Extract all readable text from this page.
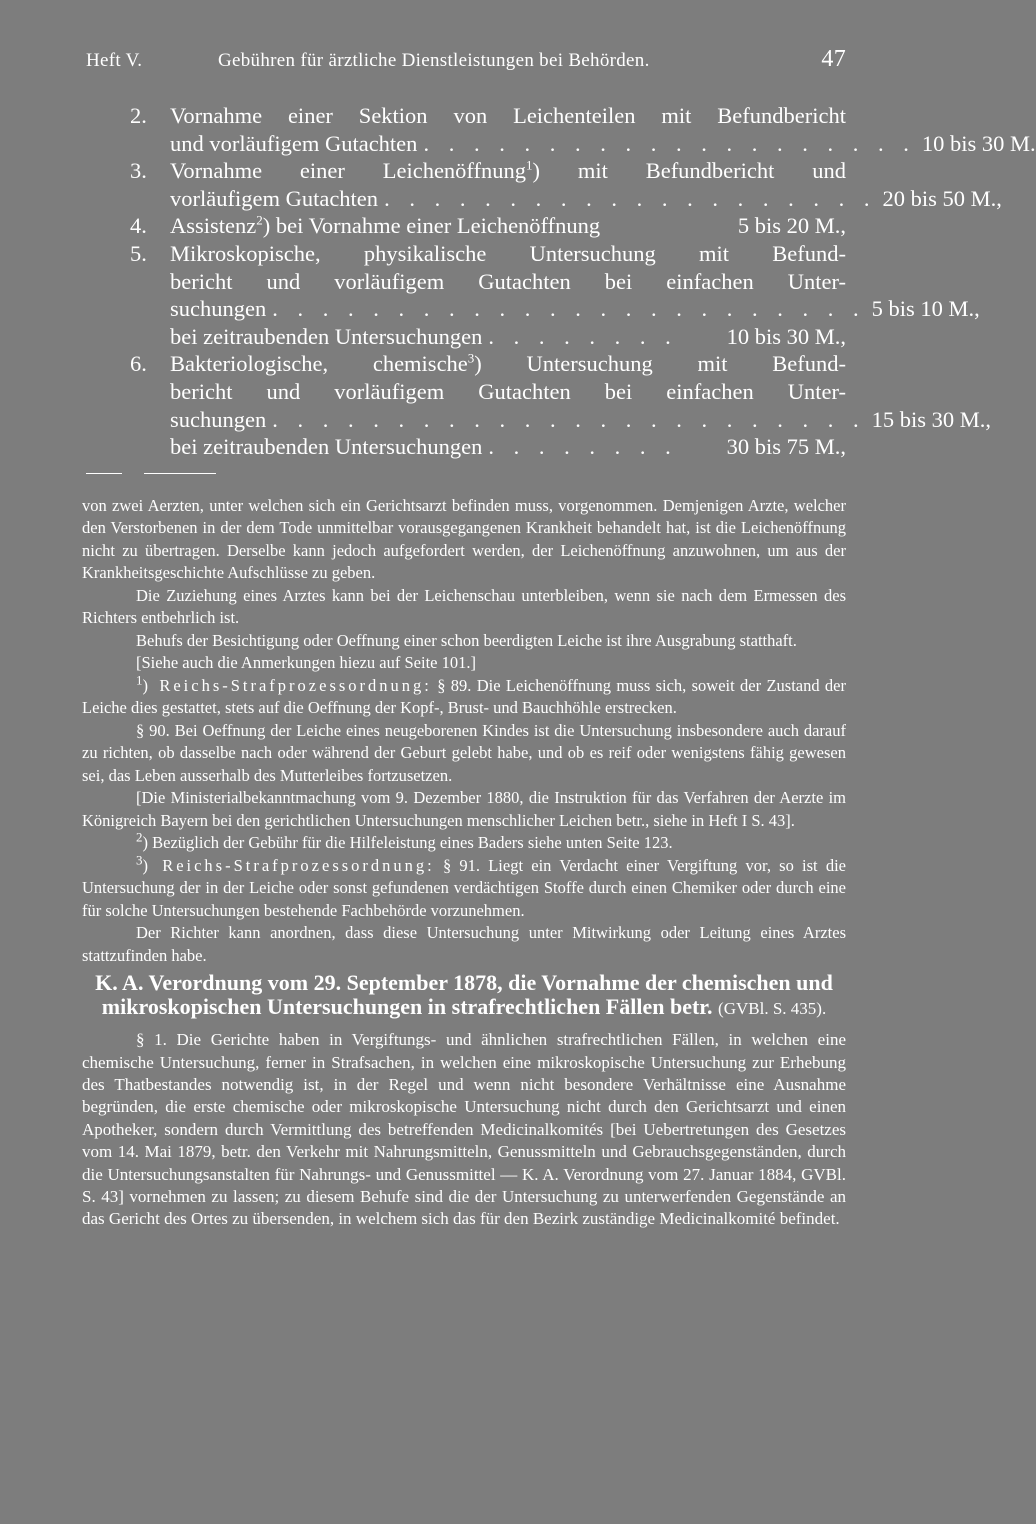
Heft V.	Gebühren für ärztliche Dienstleistungen bei Behörden.	47
2. Vornahme einer Sektion von Leichenteilen mit Befundbericht
und vorläufigem Gutachten . . . . . . . . . . . . . . . . . . . . 10 bis 30 M.
3. Vornahme einer Leichenöffnung$^1$) mit Befundbericht und
vorläufigem Gutachten . . . . . . . . . . . . . . . . . . . . 20 bis 50 M.,
4. Assistenz$^2$) bei Vornahme einer Leichenöffnung	5 bis 20 M.,
5. Mikroskopische, physikalische Untersuchung mit Befund-
bericht und vorläufigem Gutachten bei einfachen Unter-
suchungen . . . . . . . . . . . . . . . . . . . . . . . . 5 bis 10 M.,
bei zeitraubenden Untersuchungen . . . . . . . .	10 bis 30 M.,
6. Bakteriologische, chemische$^3$) Untersuchung mit Befund-
bericht und vorläufigem Gutachten bei einfachen Unter-
suchungen . . . . . . . . . . . . . . . . . . . . . . . . 15 bis 30 M.,
bei zeitraubenden Untersuchungen . . . . . . . .	30 bis 75 M.,

von zwei Aerzten, unter welchen sich ein Gerichtsarzt befinden muss, vorgenommen. Demjenigen Arzte, welcher den Verstorbenen in der dem Tode unmittelbar vorausgegangenen Krankheit behandelt hat, ist die Leichenöffnung nicht zu übertragen. Derselbe kann jedoch aufgefordert werden, der Leichenöffnung anzuwohnen, um aus der Krankheitsgeschichte Aufschlüsse zu geben.

Die Zuziehung eines Arztes kann bei der Leichenschau unterbleiben, wenn sie nach dem Ermessen des Richters entbehrlich ist.

Behufs der Besichtigung oder Oeffnung einer schon beerdigten Leiche ist ihre Ausgrabung statthaft.

[Siehe auch die Anmerkungen hiezu auf Seite 101.]

$^1$) Reichs-Strafprozessordnung: § 89. Die Leichenöffnung muss sich, soweit der Zustand der Leiche dies gestattet, stets auf die Oeffnung der Kopf-, Brust- und Bauchhöhle erstrecken.

§ 90. Bei Oeffnung der Leiche eines neugeborenen Kindes ist die Untersuchung insbesondere auch darauf zu richten, ob dasselbe nach oder während der Geburt gelebt habe, und ob es reif oder wenigstens fähig gewesen sei, das Leben ausserhalb des Mutterleibes fortzusetzen.

[Die Ministerialbekanntmachung vom 9. Dezember 1880, die Instruktion für das Verfahren der Aerzte im Königreich Bayern bei den gerichtlichen Untersuchungen menschlicher Leichen betr., siehe in Heft I S. 43].

$^2$) Bezüglich der Gebühr für die Hilfeleistung eines Baders siehe unten Seite 123.

$^3$) Reichs-Strafprozessordnung: § 91. Liegt ein Verdacht einer Vergiftung vor, so ist die Untersuchung der in der Leiche oder sonst gefundenen verdächtigen Stoffe durch einen Chemiker oder durch eine für solche Untersuchungen bestehende Fachbehörde vorzunehmen.

Der Richter kann anordnen, dass diese Untersuchung unter Mitwirkung oder Leitung eines Arztes stattzufinden habe.

K. A. Verordnung vom 29. September 1878, die Vornahme der chemischen und mikroskopischen Untersuchungen in strafrechtlichen Fällen betr. (GVBl. S. 435).

§ 1. Die Gerichte haben in Vergiftungs- und ähnlichen strafrechtlichen Fällen, in welchen eine chemische Untersuchung, ferner in Strafsachen, in welchen eine mikroskopische Untersuchung zur Erhebung des Thatbestandes notwendig ist, in der Regel und wenn nicht besondere Verhältnisse eine Ausnahme begründen, die erste chemische oder mikroskopische Untersuchung nicht durch den Gerichtsarzt und einen Apotheker, sondern durch Vermittlung des betreffenden Medicinalkomités [bei Uebertretungen des Gesetzes vom 14. Mai 1879, betr. den Verkehr mit Nahrungsmitteln, Genussmitteln und Gebrauchsgegenständen, durch die Untersuchungsanstalten für Nahrungs- und Genussmittel — K. A. Verordnung vom 27. Januar 1884, GVBl. S. 43] vornehmen zu lassen; zu diesem Behufe sind die der Untersuchung zu unterwerfenden Gegenstände an das Gericht des Ortes zu übersenden, in welchem sich das für den Bezirk zuständige Medicinalkomité befindet.
